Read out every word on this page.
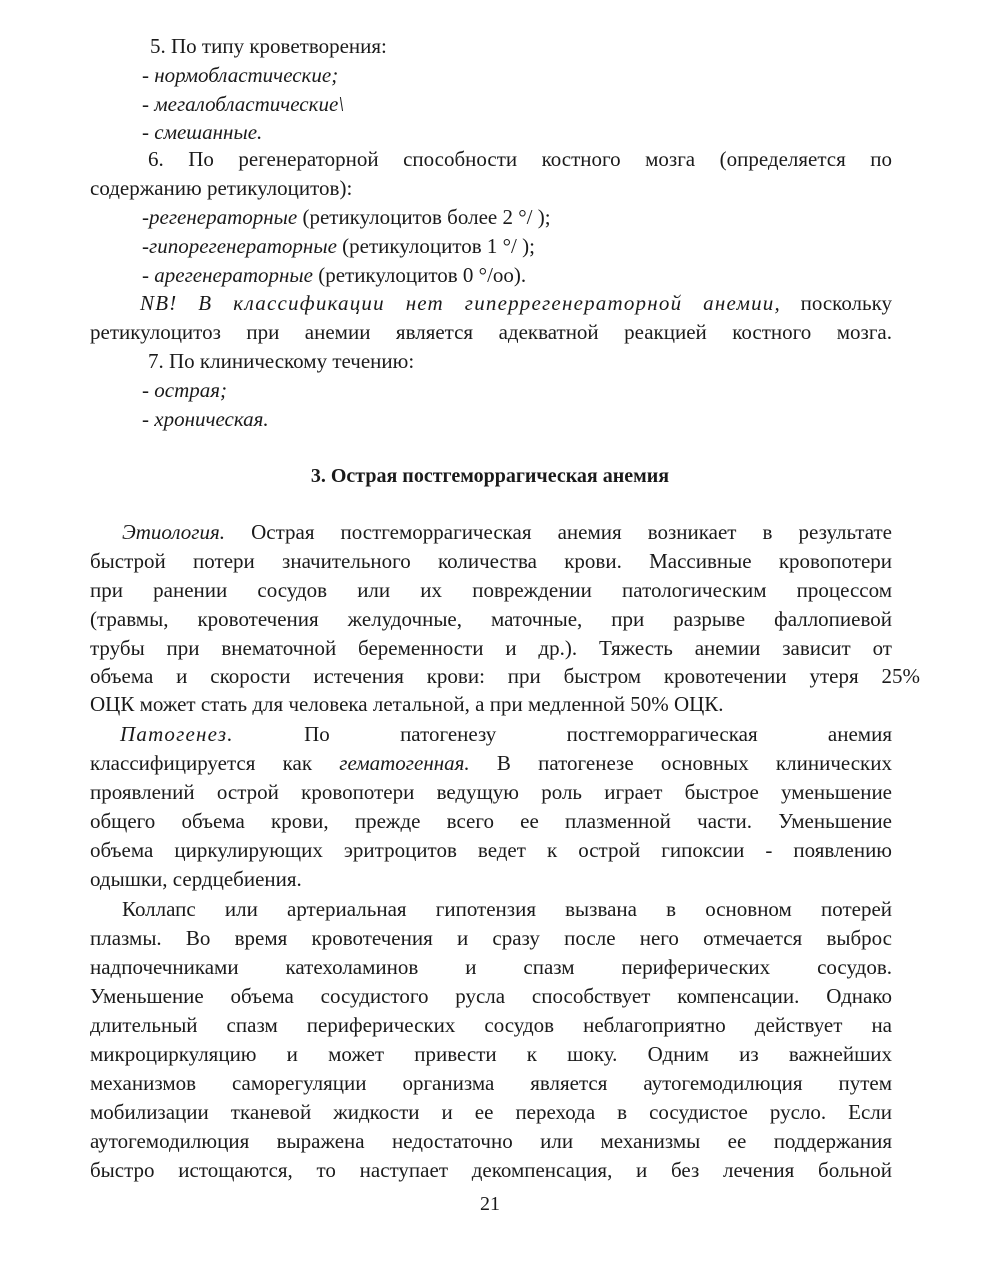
5. По типу кроветворения:
- нормобластические;
- мегалобластические\
- смешанные.
6. По регенераторной способности костного мозга (определяется по
содержанию ретикулоцитов):
-регенераторные (ретикулоцитов более 2 °/ );
-гипорегенераторные (ретикулоцитов 1 °/ );
- арегенераторные (ретикулоцитов 0 °/оо).
NB! В классификации нет гиперрегенераторной анемии, поскольку
ретикулоцитоз при анемии является адекватной реакцией костного мозга.
7. По клиническому течению:
- острая;
- хроническая.
3. Острая постгеморрагическая анемия
Этиология. Острая постгеморрагическая анемия возникает в результате
быстрой потери значительного количества крови. Массивные кровопотери
при ранении сосудов или их повреждении патологическим процессом
(травмы, кровотечения желудочные, маточные, при разрыве фаллопиевой
трубы при внематочной беременности и др.). Тяжесть анемии зависит от
объема и скорости истечения крови: при быстром кровотечении утеря 25%
ОЦК может стать для человека летальной, а при медленной 50% ОЦК.
Патогенез.	По патогенезу постгеморрагическая анемия
классифицируется как гематогенная. В патогенезе основных клинических
проявлений острой кровопотери ведущую роль играет быстрое уменьшение
общего объема крови, прежде всего ее плазменной части. Уменьшение
объема циркулирующих эритроцитов ведет к острой гипоксии - появлению
одышки, сердцебиения.
Коллапс или артериальная гипотензия вызвана в основном потерей
плазмы. Во время кровотечения и сразу после него отмечается выброс
надпочечниками катехоламинов и спазм периферических сосудов.
Уменьшение объема сосудистого русла способствует компенсации. Однако
длительный спазм периферических сосудов неблагоприятно действует на
микроциркуляцию и может привести к шоку. Одним из важнейших
механизмов саморегуляции организма является аутогемодилюция путем
мобилизации тканевой жидкости и ее перехода в сосудистое русло. Если
аутогемодилюция выражена недостаточно или механизмы ее поддержания
быстро истощаются, то наступает декомпенсация, и без лечения больной
21
